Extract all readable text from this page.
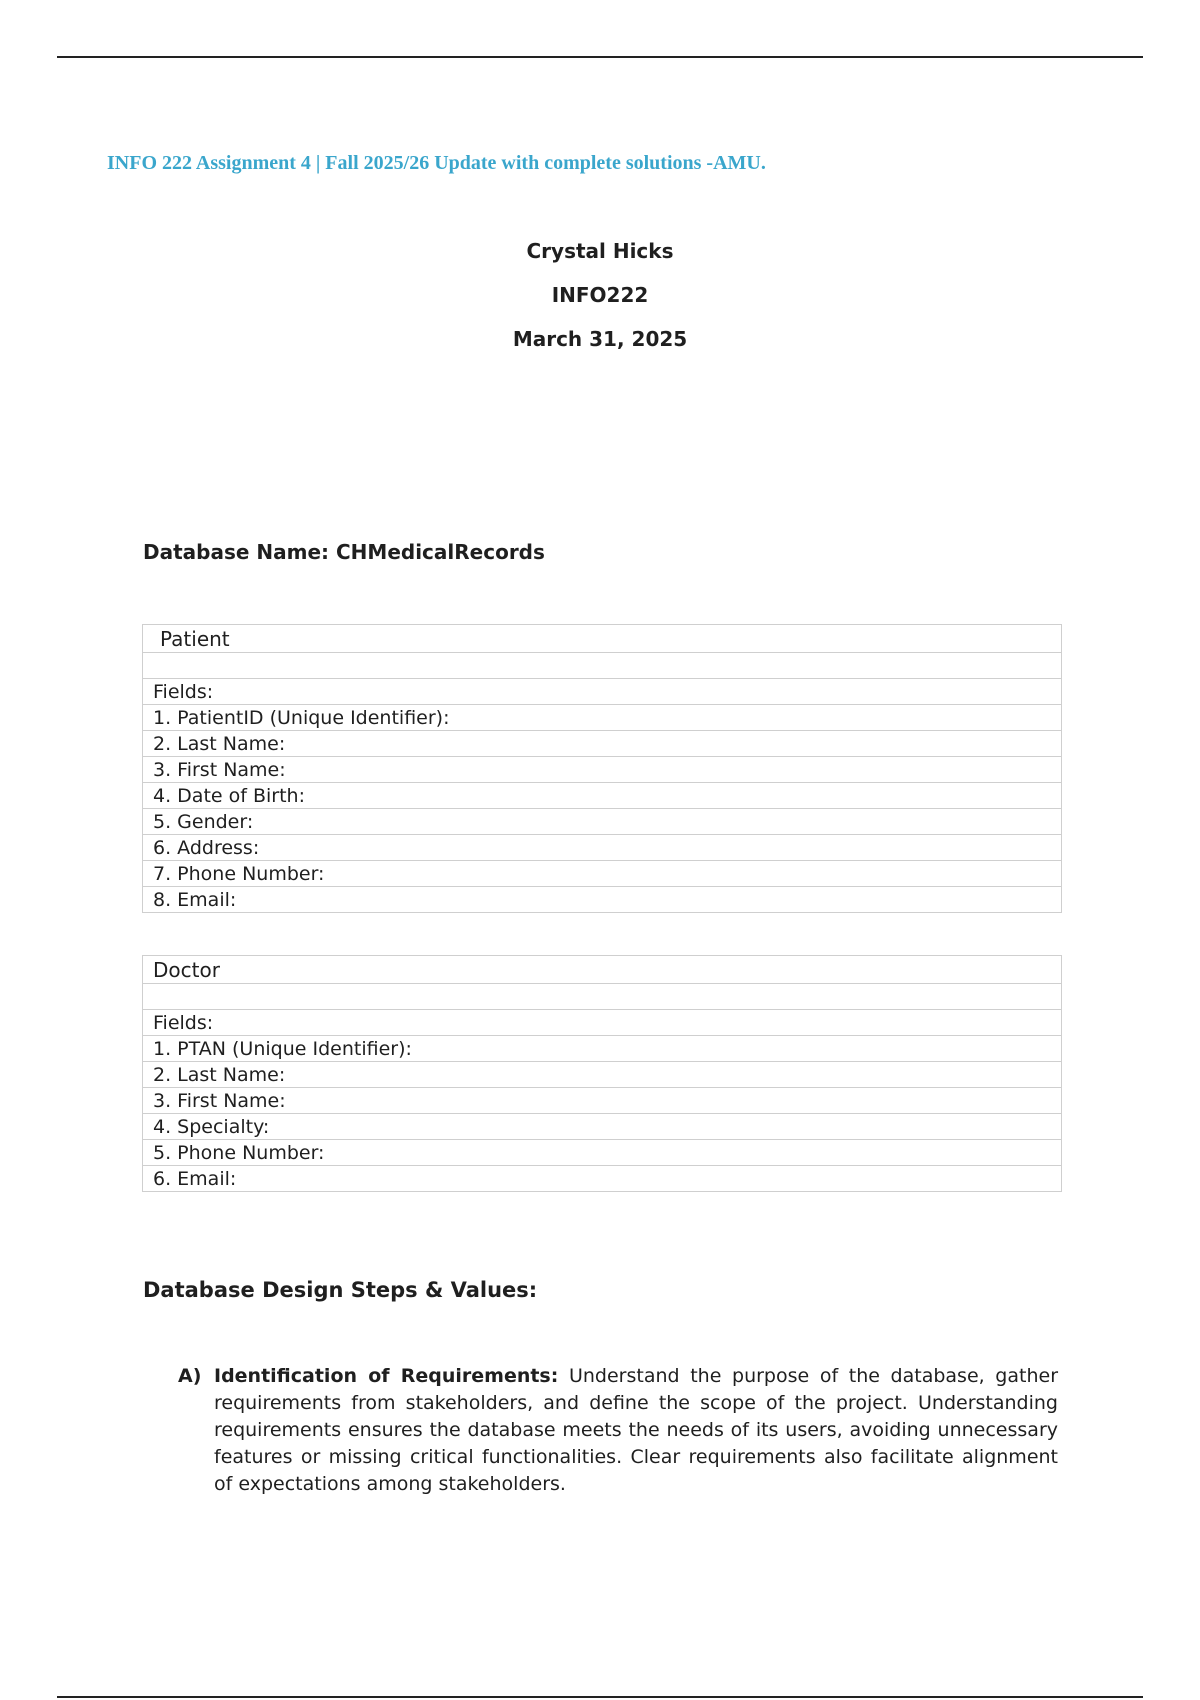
INFO 222 Assignment 4 | Fall 2025/26 Update with complete solutions -AMU.
Crystal Hicks
INFO222
March 31, 2025
Database Name: CHMedicalRecords
Patient

Fields:
1. PatientID (Unique Identifier):
2. Last Name:
3. First Name:
4. Date of Birth:
5. Gender:
6. Address:
7. Phone Number:
8. Email:
Doctor

Fields:
1. PTAN (Unique Identifier):
2. Last Name:
3. First Name:
4. Specialty:
5. Phone Number:
6. Email:
Database Design Steps & Values:
A) Identification of Requirements: Understand the purpose of the database, gather requirements from stakeholders, and define the scope of the project. Understanding requirements ensures the database meets the needs of its users, avoiding unnecessary features or missing critical functionalities. Clear requirements also facilitate alignment of expectations among stakeholders.
